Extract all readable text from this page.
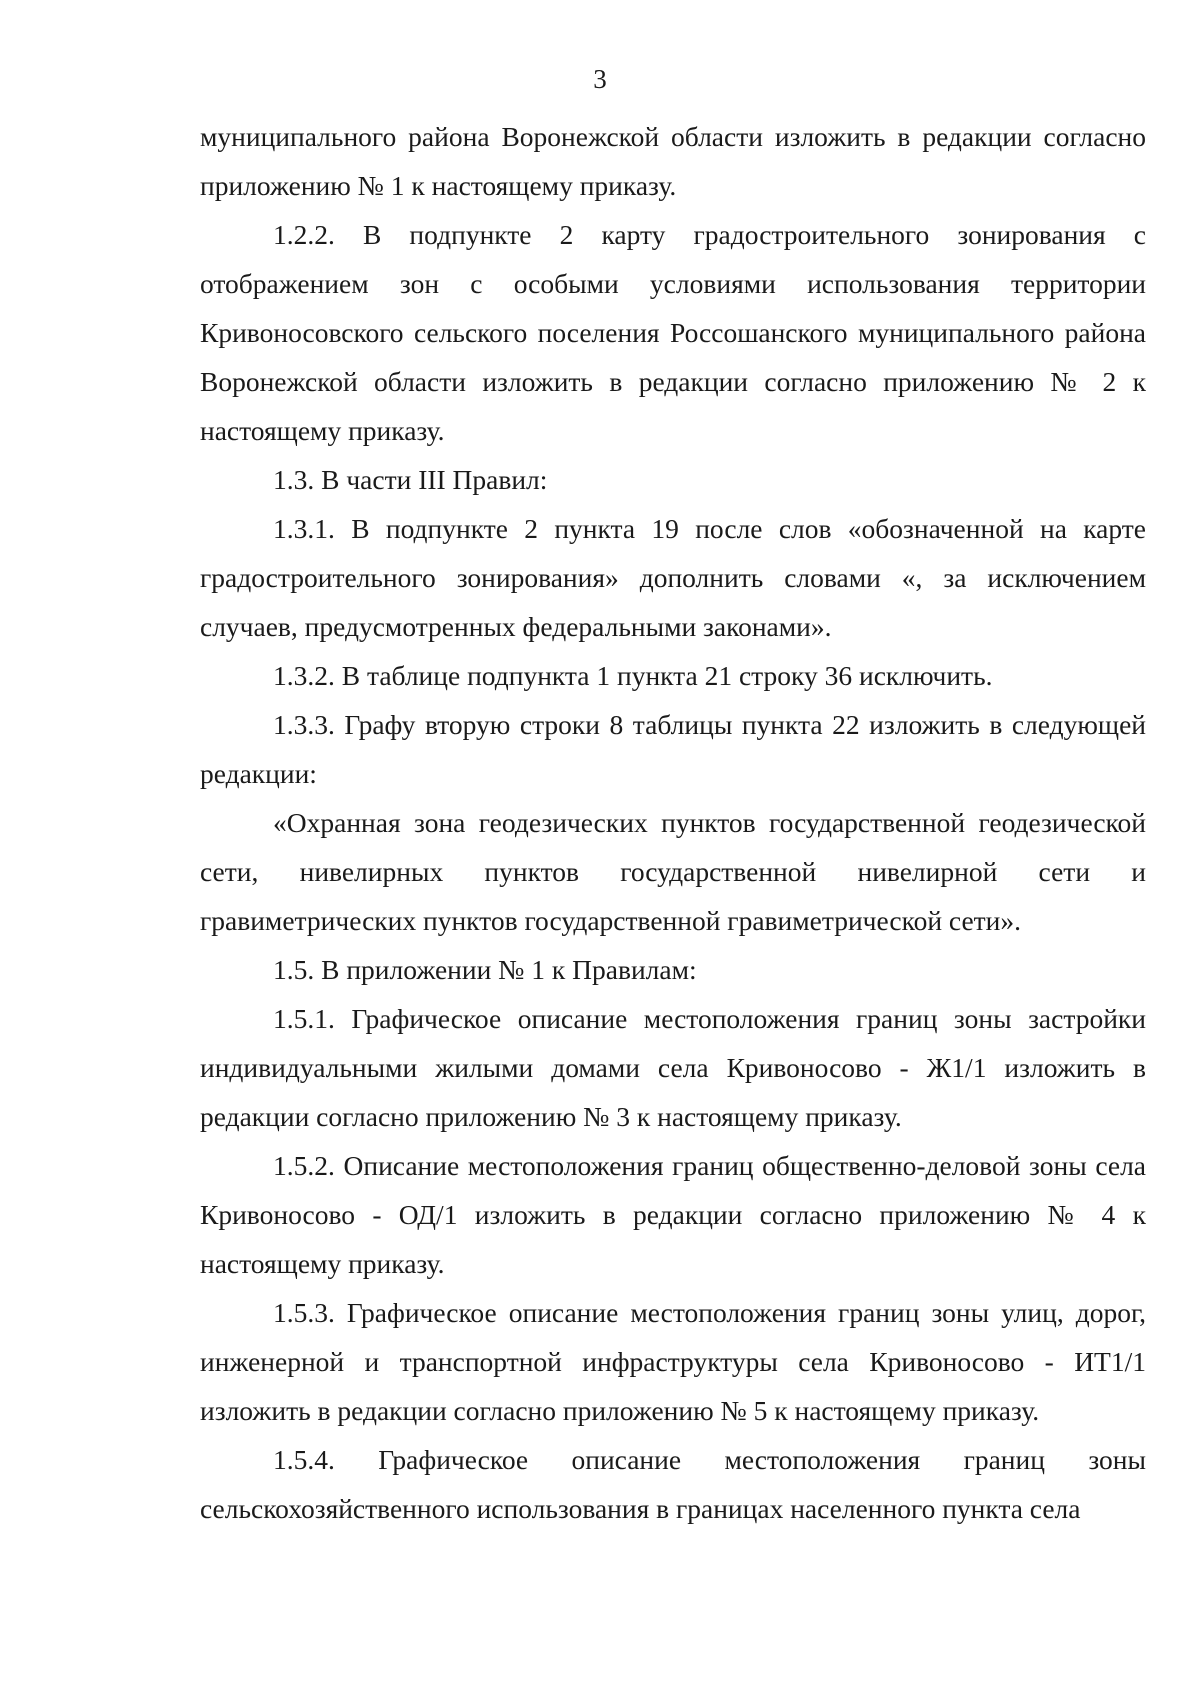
3

муниципального района Воронежской области изложить в редакции согласно приложению № 1 к настоящему приказу.

1.2.2. В подпункте 2 карту градостроительного зонирования с отображением зон с особыми условиями использования территории Кривоносовского сельского поселения Россошанского муниципального района Воронежской области изложить в редакции согласно приложению № 2 к настоящему приказу.

1.3. В части III Правил:

1.3.1. В подпункте 2 пункта 19 после слов «обозначенной на карте градостроительного зонирования» дополнить словами «, за исключением случаев, предусмотренных федеральными законами».

1.3.2. В таблице подпункта 1 пункта 21 строку 36 исключить.

1.3.3. Графу вторую строки 8 таблицы пункта 22 изложить в следующей редакции:

«Охранная зона геодезических пунктов государственной геодезической сети, нивелирных пунктов государственной нивелирной сети и гравиметрических пунктов государственной гравиметрической сети».

1.5. В приложении № 1 к Правилам:

1.5.1. Графическое описание местоположения границ зоны застройки индивидуальными жилыми домами села Кривоносово - Ж1/1 изложить в редакции согласно приложению № 3 к настоящему приказу.

1.5.2. Описание местоположения границ общественно-деловой зоны села Кривоносово - ОД/1 изложить в редакции согласно приложению № 4 к настоящему приказу.

1.5.3. Графическое описание местоположения границ зоны улиц, дорог, инженерной и транспортной инфраструктуры села Кривоносово - ИТ1/1 изложить в редакции согласно приложению № 5 к настоящему приказу.

1.5.4. Графическое описание местоположения границ зоны сельскохозяйственного использования в границах населенного пункта села
